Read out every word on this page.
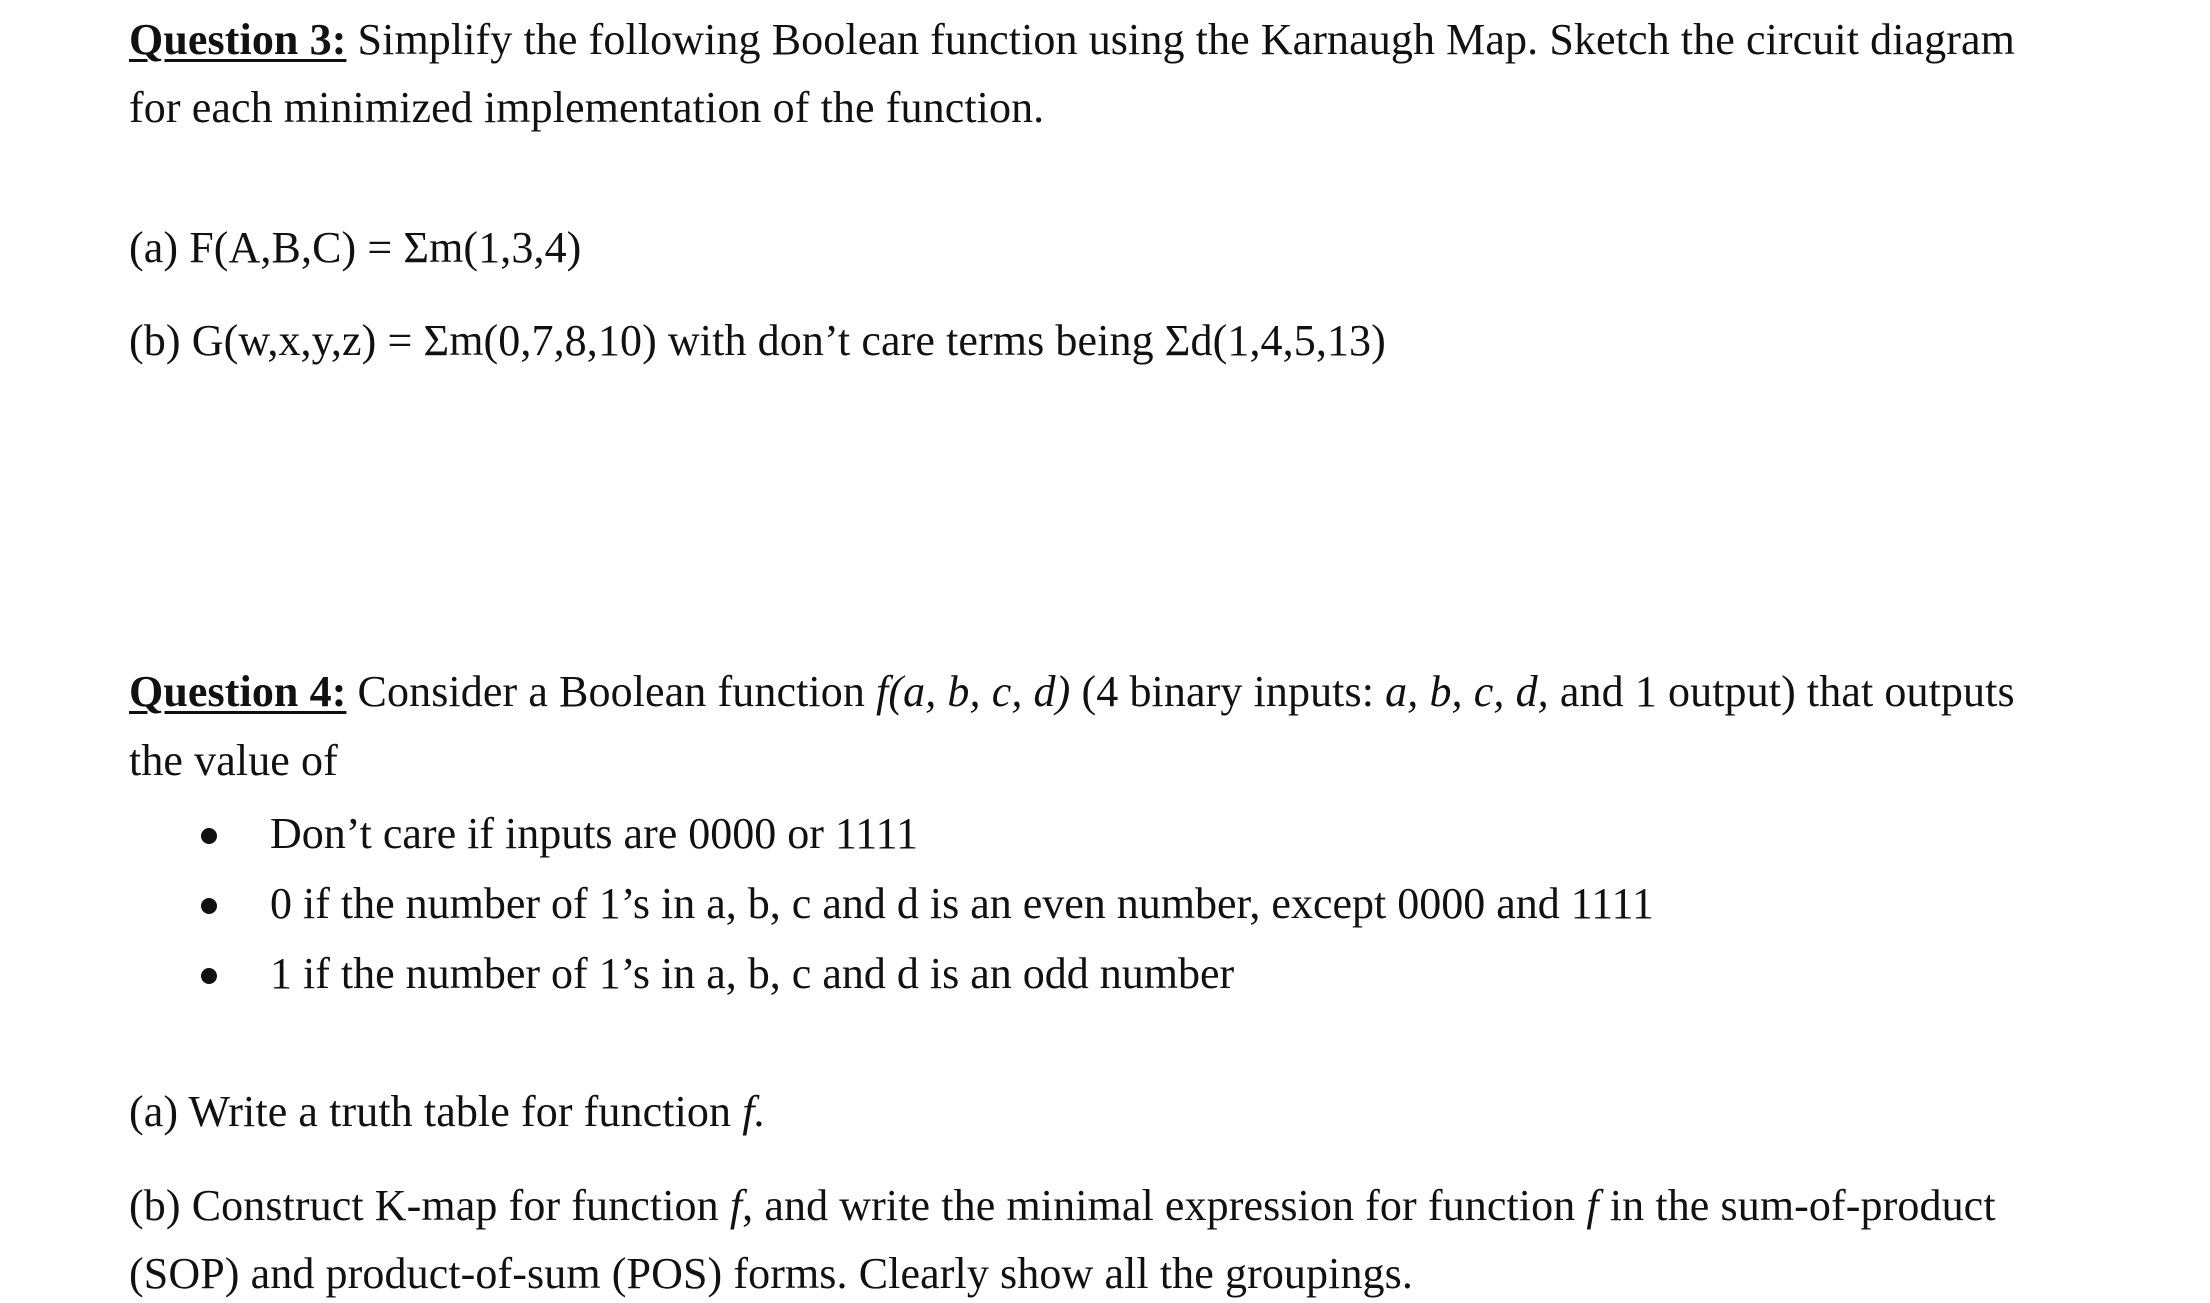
Question 3: Simplify the following Boolean function using the Karnaugh Map. Sketch the circuit diagram
for each minimized implementation of the function.
(a) F(A,B,C) = Σm(1,3,4)
(b) G(w,x,y,z) = Σm(0,7,8,10) with don’t care terms being Σd(1,4,5,13)
Question 4: Consider a Boolean function f(a, b, c, d) (4 binary inputs: a, b, c, d, and 1 output) that outputs
the value of
Don’t care if inputs are 0000 or 1111
0 if the number of 1’s in a, b, c and d is an even number, except 0000 and 1111
1 if the number of 1’s in a, b, c and d is an odd number
(a) Write a truth table for function f.
(b) Construct K-map for function f, and write the minimal expression for function f in the sum-of-product
(SOP) and product-of-sum (POS) forms. Clearly show all the groupings.
